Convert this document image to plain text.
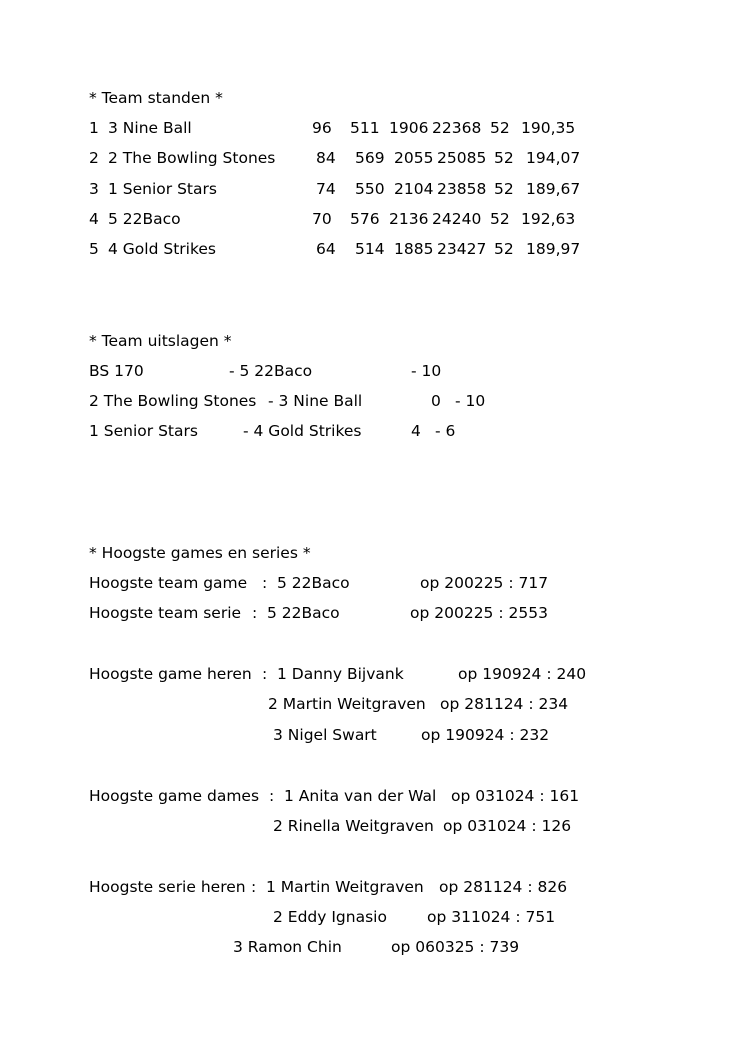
* Team standen *
1 3 Nine Ball	96 511 1906 22368 52 190,35
2 2 The Bowling Stones	84 569 2055 25085 52 194,07
3 1 Senior Stars	74 550 2104 23858 52 189,67
4 5 22Baco	70 576 2136 24240 52 192,63
5 4 Gold Strikes	64 514 1885 23427 52 189,97
* Team uitslagen *
BS 170	- 5 22Baco	- 10
2 The Bowling Stones - 3 Nine Ball	0 - 10
1 Senior Stars	- 4 Gold Strikes	4 - 6
* Hoogste games en series *
Hoogste team game : 5 22Baco	op 200225 : 717
Hoogste team serie : 5 22Baco	op 200225 : 2553
Hoogste game heren : 1 Danny Bijvank	op 190924 : 240
2 Martin Weitgraven op 281124 : 234
3 Nigel Swart	op 190924 : 232
Hoogste game dames : 1 Anita van der Wal op 031024 : 161
2 Rinella Weitgraven op 031024 : 126
Hoogste serie heren : 1 Martin Weitgraven op 281124 : 826
2 Eddy Ignasio	op 311024 : 751
3 Ramon Chin	op 060325 : 739
